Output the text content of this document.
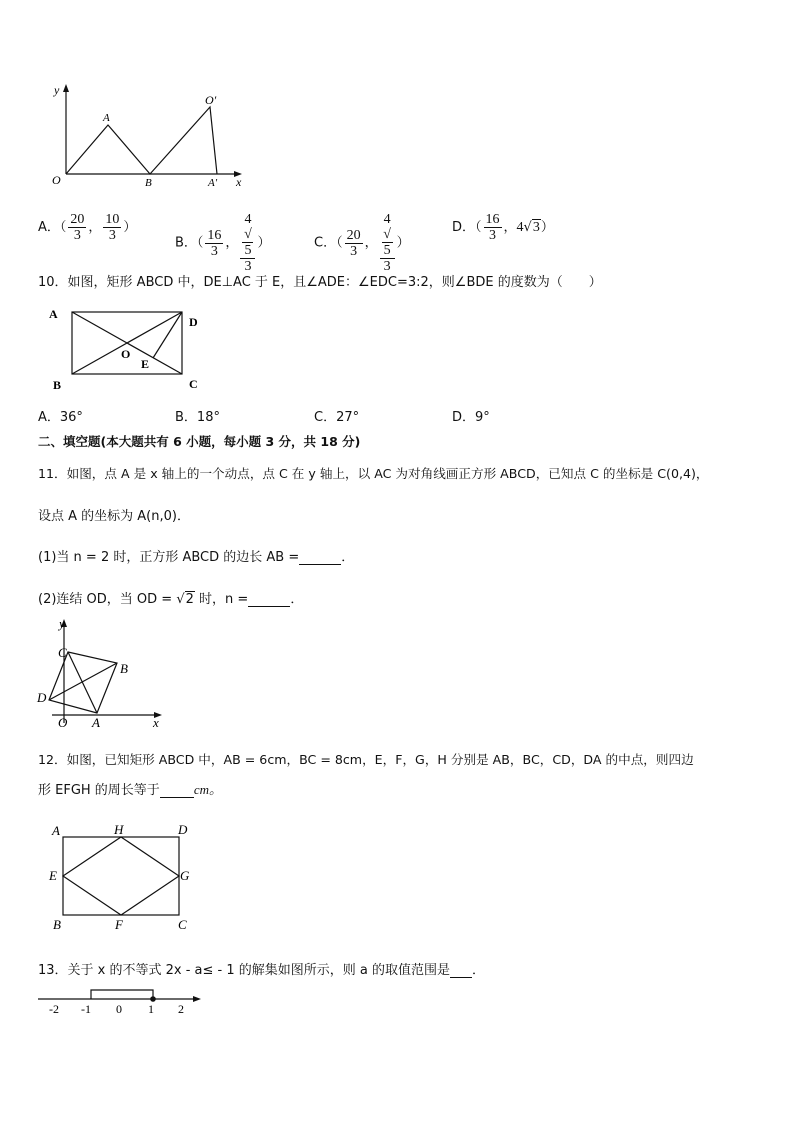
y
x
O
A
B	A′
O′
A．（ $\frac{20}{3}$ ， $\frac{10}{3}$ ）
B．（ $\frac{16}{3}$ ， 4
√
5
3 ）	C．（ $\frac{20}{3}$ ， 4
√
5
3 ）
D．（ $\frac{16}{3}$ ，4√3）
10．如图，矩形 ABCD 中，DE⊥AC 于 E，且∠ADE：∠EDC=3:2，则∠BDE 的度数为（　　）
A
D
B	C
O
E
A．36°	B．18°	C．27°	D．9°
二、填空题(本大题共有 6 小题，每小题 3 分，共 18 分)
11．如图，点 A 是 x 轴上的一个动点，点 C 在 y 轴上，以 AC 为对角线画正方形 ABCD，已知点 C 的坐标是 C(0,4)，
设点 A 的坐标为 A(n,0)．
(1)当 n = 2 时，正方形 ABCD 的边长 AB =	．
(2)连结 OD，当 OD = √2 时，n =	．
y
C
B
D
O A	x
12．如图，已知矩形 ABCD 中，AB = 6cm，BC = 8cm，E，F，G，H 分别是 AB，BC，CD，DA 的中点，则四边
形 EFGH 的周长等于	cm。
A	H	D
E	G
B	F	C
13．关于 x 的不等式 2x - a≤ - 1 的解集如图所示，则 a 的取值范围是 ．
-2 -1 0 1 2
